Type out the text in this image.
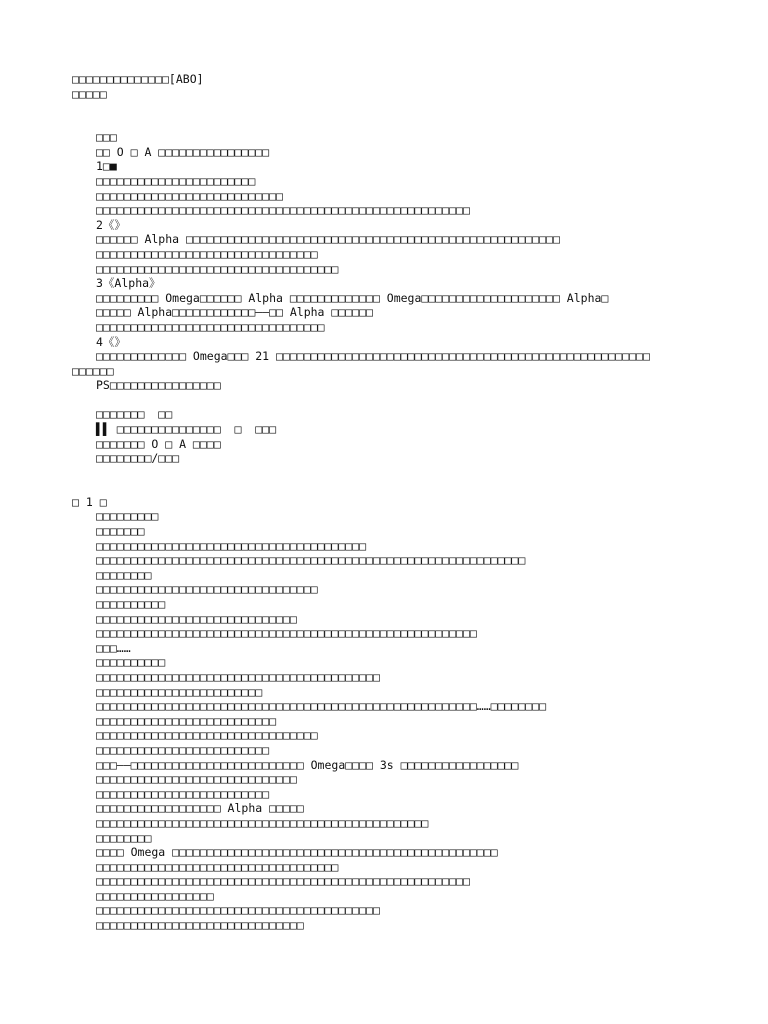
□□□□□□□□□□□□□□[ABO]
□□□□□
□□□
□□ O □ A □□□□□□□□□□□□□□□□
1□■
□□□□□□□□□□□□□□□□□□□□□□□
□□□□□□□□□□□□□□□□□□□□□□□□□□□
□□□□□□□□□□□□□□□□□□□□□□□□□□□□□□□□□□□□□□□□□□□□□□□□□□□□□□
2《》
□□□□□□ Alpha □□□□□□□□□□□□□□□□□□□□□□□□□□□□□□□□□□□□□□□□□□□□□□□□□□□□□□
□□□□□□□□□□□□□□□□□□□□□□□□□□□□□□□□
□□□□□□□□□□□□□□□□□□□□□□□□□□□□□□□□□□□
3《Alpha》
□□□□□□□□□ Omega□□□□□□ Alpha □□□□□□□□□□□□□ Omega□□□□□□□□□□□□□□□□□□□□ Alpha□
□□□□□ Alpha□□□□□□□□□□□□——□□ Alpha □□□□□□
□□□□□□□□□□□□□□□□□□□□□□□□□□□□□□□□□
4《》
□□□□□□□□□□□□□ Omega□□□ 21 □□□□□□□□□□□□□□□□□□□□□□□□□□□□□□□□□□□□□□□□□□□□□□□□□□□□□□
□□□□□□
PS□□□□□□□□□□□□□□□□
□□□□□□□  □□
▌▌ □□□□□□□□□□□□□□□  □  □□□
□□□□□□□ O □ A □□□□
□□□□□□□□/□□□
□ 1 □
□□□□□□□□□
□□□□□□□
□□□□□□□□□□□□□□□□□□□□□□□□□□□□□□□□□□□□□□□
□□□□□□□□□□□□□□□□□□□□□□□□□□□□□□□□□□□□□□□□□□□□□□□□□□□□□□□□□□□□□□
□□□□□□□□
□□□□□□□□□□□□□□□□□□□□□□□□□□□□□□□□
□□□□□□□□□□
□□□□□□□□□□□□□□□□□□□□□□□□□□□□□
□□□□□□□□□□□□□□□□□□□□□□□□□□□□□□□□□□□□□□□□□□□□□□□□□□□□□□□
□□□……
□□□□□□□□□□
□□□□□□□□□□□□□□□□□□□□□□□□□□□□□□□□□□□□□□□□□
□□□□□□□□□□□□□□□□□□□□□□□□
□□□□□□□□□□□□□□□□□□□□□□□□□□□□□□□□□□□□□□□□□□□□□□□□□□□□□□□……□□□□□□□□
□□□□□□□□□□□□□□□□□□□□□□□□□□
□□□□□□□□□□□□□□□□□□□□□□□□□□□□□□□□
□□□□□□□□□□□□□□□□□□□□□□□□□
□□□——□□□□□□□□□□□□□□□□□□□□□□□□□ Omega□□□□ 3s □□□□□□□□□□□□□□□□□
□□□□□□□□□□□□□□□□□□□□□□□□□□□□□
□□□□□□□□□□□□□□□□□□□□□□□□□
□□□□□□□□□□□□□□□□□□ Alpha □□□□□
□□□□□□□□□□□□□□□□□□□□□□□□□□□□□□□□□□□□□□□□□□□□□□□□
□□□□□□□□
□□□□ Omega □□□□□□□□□□□□□□□□□□□□□□□□□□□□□□□□□□□□□□□□□□□□□□□
□□□□□□□□□□□□□□□□□□□□□□□□□□□□□□□□□□□
□□□□□□□□□□□□□□□□□□□□□□□□□□□□□□□□□□□□□□□□□□□□□□□□□□□□□□
□□□□□□□□□□□□□□□□□
□□□□□□□□□□□□□□□□□□□□□□□□□□□□□□□□□□□□□□□□□
□□□□□□□□□□□□□□□□□□□□□□□□□□□□□□
